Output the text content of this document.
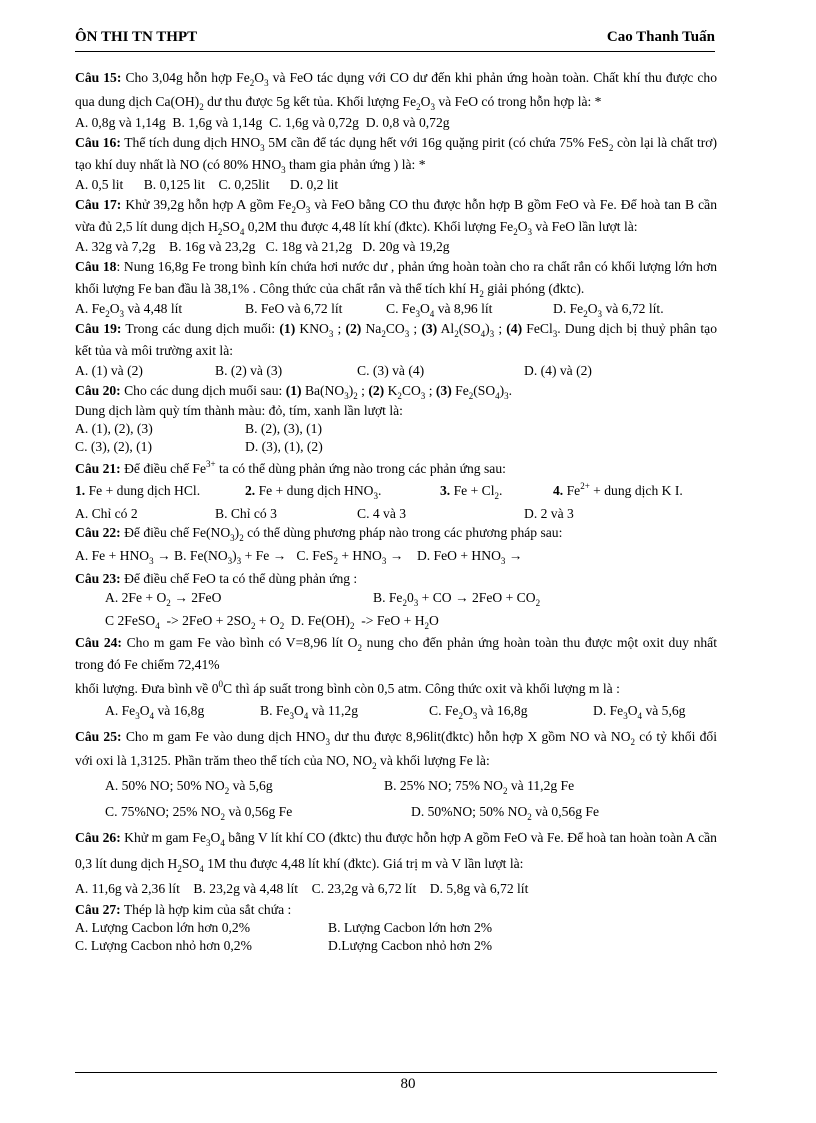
ÔN THI TN THPT	Cao Thanh Tuấn
Câu 15: Cho 3,04g hỗn hợp $Fe_2O_3$ và FeO tác dụng với CO dư đến khi phản ứng hoàn toàn. Chất khí thu được cho qua dung dịch $Ca(OH)_2$ dư thu được 5g kết tủa. Khối lượng $Fe_2O_3$ và FeO có trong hỗn hợp là: *
A. 0,8g và 1,14g  B. 1,6g và 1,14g  C. 1,6g và 0,72g  D. 0,8 và 0,72g
Câu 16: Thể tích dung dịch $HNO_3$ 5M cần để tác dụng hết với 16g quặng pirit (có chứa 75% FeS$_2$ còn lại là chất trơ) tạo khí duy nhất là NO (có 80% $HNO_3$ tham gia phản ứng ) là: *
A. 0,5 lit      B. 0,125 lit    C. 0,25lit      D. 0,2 lit
Câu 17: Khử 39,2g hỗn hợp A gồm $Fe_2O_3$ và FeO bằng CO thu được hỗn hợp B gồm FeO và Fe. Để hoà tan B cần vừa đủ 2,5 lít dung dịch $H_2SO_4$ 0,2M thu được 4,48 lít khí (đktc). Khối lượng $Fe_2O_3$ và FeO lần lượt là:
A. 32g và 7,2g    B. 16g và 23,2g   C. 18g và 21,2g   D. 20g và 19,2g
Câu 18: Nung 16,8g Fe trong bình kín chứa hơi nước dư , phản ứng hoàn toàn cho ra chất rắn có khối lượng lớn hơn khối lượng Fe ban đầu là 38,1% . Công thức của chất rắn và thể tích khí $H_2$ giải phóng (đktc).
A. $Fe_2O_3$ và 4,48 lít	B. FeO và 6,72 lít	C. $Fe_3O_4$ và 8,96 lít	D. $Fe_2O_3$ và 6,72 lít.
Câu 19: Trong các dung dịch muối: (1) $KNO_3$ ; (2) $Na_2CO_3$ ; (3) $Al_2(SO_4)_3$ ; (4) FeCl$_3$. Dung dịch bị thuỷ phân tạo kết tủa và môi trường axit là:
A. (1) và (2)	B. (2) và (3)	C. (3) và (4)	D. (4) và (2)
Câu 20: Cho các dung dịch muối sau: (1) $Ba(NO_3)_2$ ; (2) $K_2CO_3$ ; (3) $Fe_2(SO_4)_3$.
Dung dịch làm quỳ tím thành màu: đỏ, tím, xanh lần lượt là:
A. (1), (2), (3)	B. (2), (3), (1)
C. (3), (2), (1)	D. (3), (1), (2)
Câu 21: Để điều chế $Fe^{3+}$ ta có thể dùng phản ứng nào trong các phản ứng sau:
1. Fe + dung dịch HCl.	2. Fe + dung dịch $HNO_3$.	3. $Fe + Cl_2$.	4. $Fe^{2+}$ + dung dịch K I.
A. Chỉ có 2	B. Chỉ có 3	C. 4 và 3	D. 2 và 3
Câu 22: Để điều chế $Fe(NO_3)_2$ có thể dùng phương pháp nào trong các phương pháp sau:
A. $Fe + HNO_3 \to B$. $Fe(NO_3)_3 + Fe \to C$. $FeS_2 + HNO_3$ →    D. FeO + $HNO_3$ →
Câu 23: Để điều chế FeO ta có thể dùng phản ứng :
A. $2Fe + O_2 \to 2FeO$	B. $Fe_20_3$ + CO → $2FeO + CO_2$
C 2FeSO$_4$  -> $2FeO + 2SO_2 + O_2$  D. $Fe(OH)_2$  -> FeO + $H_2O$
Câu 24: Cho m gam Fe vào bình có V=8,96 lít $O_2$ nung cho đến phản ứng hoàn toàn thu được một oxit duy nhất trong đó Fe chiếm 72,41%
khối lượng. Đưa bình về $0^0C$ thì áp suất trong bình còn 0,5 atm. Công thức oxit và khối lượng m là :
A. $Fe_3O_4$ và 16,8g	B. $Fe_3O_4$ và 11,2g	C. $Fe_2O_3$ và 16,8g	D. $Fe_3O_4$ và 5,6g
Câu 25: Cho m gam Fe vào dung dịch $HNO_3$ dư thu được 8,96lit(đktc) hỗn hợp X gồm NO và $NO_2$ có tỷ khối đối với oxi là 1,3125. Phần trăm theo thể tích của NO, $NO_2$ và khối lượng Fe là:
A. 50% NO; 50% $NO_2$ và 5,6g	B. 25% NO; 75% $NO_2$ và 11,2g Fe
C. 75%NO; 25% $NO_2$ và 0,56g Fe	D. 50%NO; 50% $NO_2$ và 0,56g Fe
Câu 26: Khử m gam $Fe_3O_4$ bằng V lít khí CO (đktc) thu được hỗn hợp A gồm FeO và Fe. Để hoà tan hoàn toàn A cần 0,3 lít dung dịch $H_2SO_4$ 1M thu được 4,48 lít khí (đktc). Giá trị m và V lần lượt là:
A. 11,6g và 2,36 lít    B. 23,2g và 4,48 lít    C. 23,2g và 6,72 lít    D. 5,8g và 6,72 lít
Câu 27: Thép là hợp kim của sắt chứa :
A. Lượng Cacbon lớn hơn 0,2%	B. Lượng Cacbon lớn hơn 2%
C. Lượng Cacbon nhỏ hơn 0,2%	D.Lượng Cacbon nhỏ hơn 2%
80
